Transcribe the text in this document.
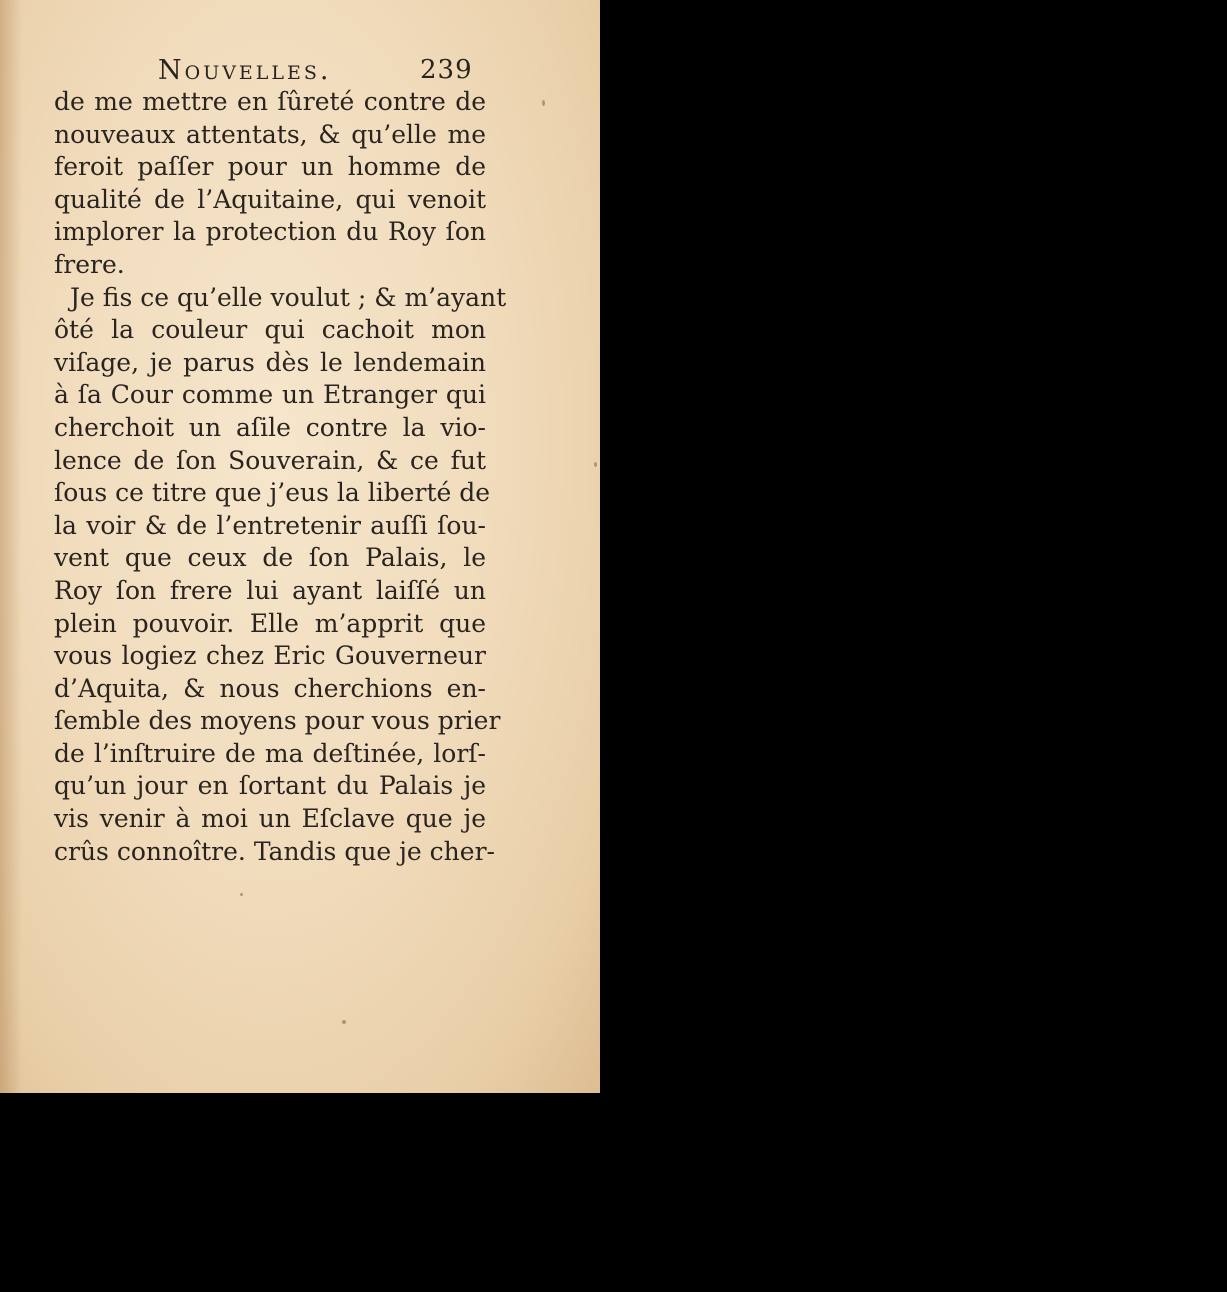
Nouvelles.	239
de me mettre en ſûreté contre de
nouveaux attentats, & qu’elle me
feroit paſſer pour un homme de
qualité de l’Aquitaine, qui venoit
implorer la protection du Roy ſon
frere.
Je fis ce qu’elle voulut ; & m’ayant
ôté la couleur qui cachoit mon
viſage, je parus dès le lendemain
à ſa Cour comme un Etranger qui
cherchoit un aſile contre la vio-
lence de ſon Souverain, & ce fut
ſous ce titre que j’eus la liberté de
la voir & de l’entretenir auſſi ſou-
vent que ceux de ſon Palais, le
Roy ſon frere lui ayant laiſſé un
plein pouvoir. Elle m’apprit que
vous logiez chez Eric Gouverneur
d’Aquita, & nous cherchions en-
ſemble des moyens pour vous prier
de l’inſtruire de ma deſtinée, lorſ-
qu’un jour en ſortant du Palais je
vis venir à moi un Eſclave que je
crûs connoître. Tandis que je cher-
